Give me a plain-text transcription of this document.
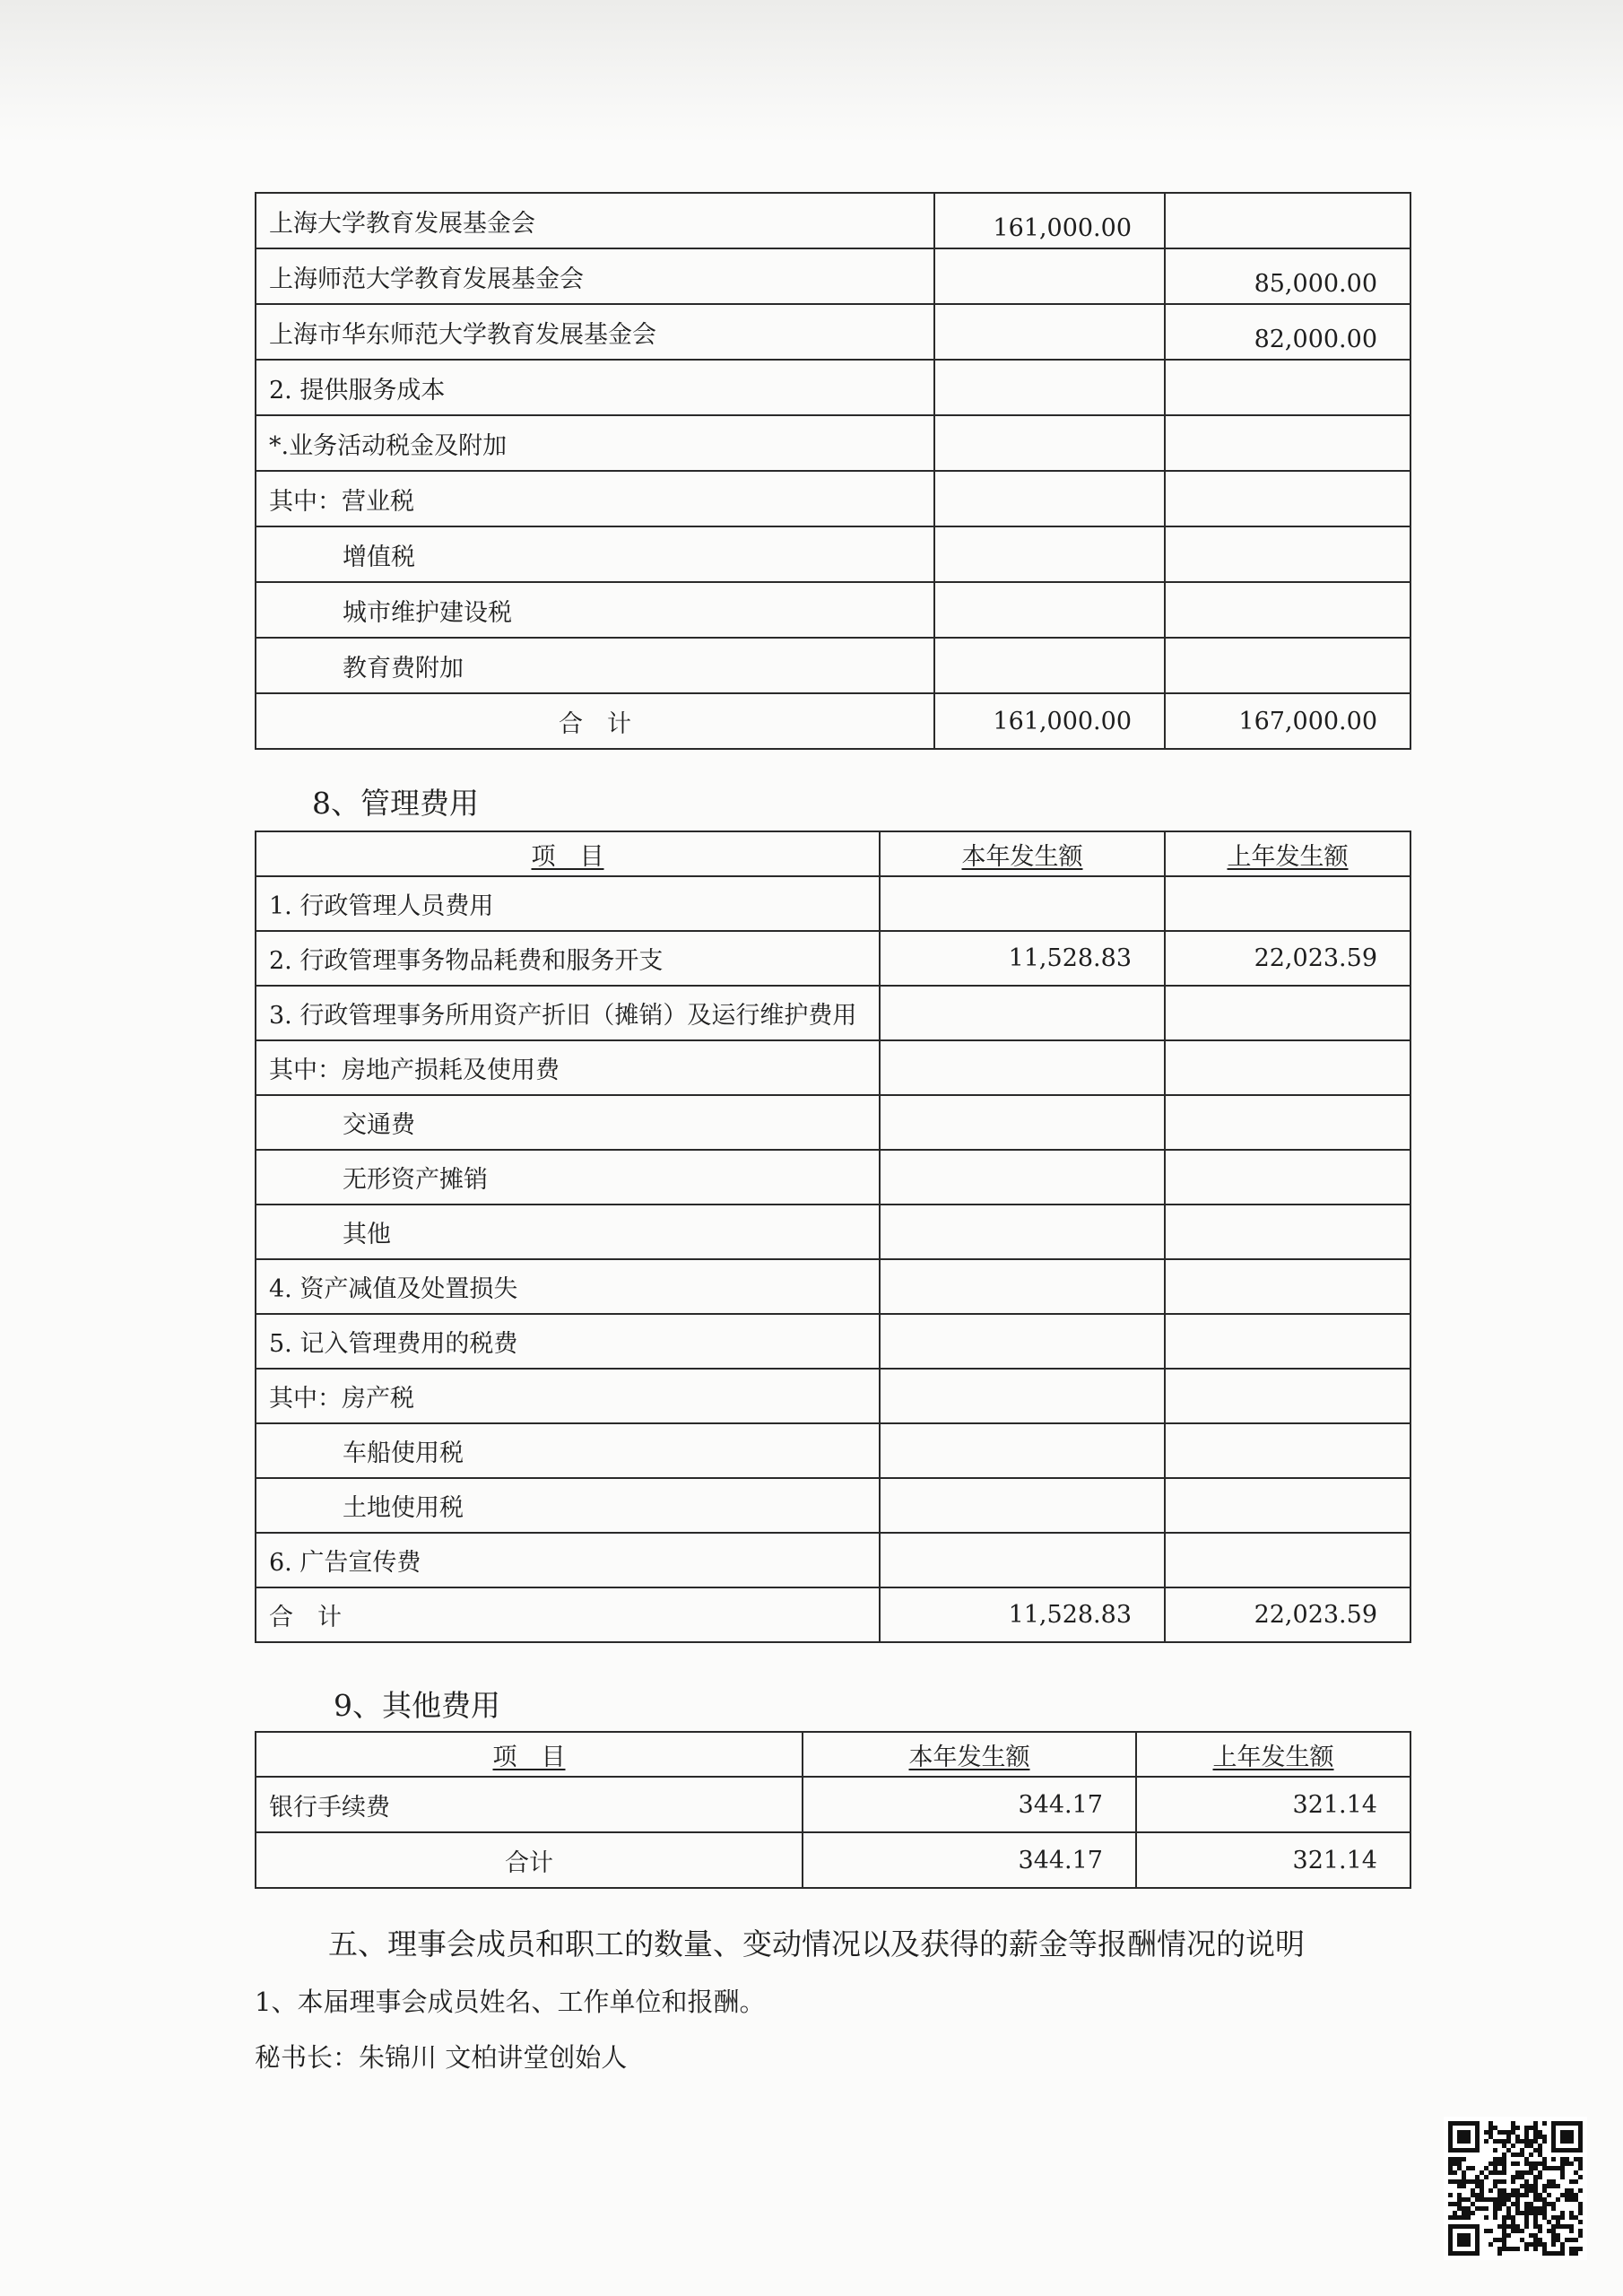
上海大学教育发展基金会	161,000.00	
上海师范大学教育发展基金会		85,000.00
上海市华东师范大学教育发展基金会		82,000.00
2. 提供服务成本		
*.业务活动税金及附加		
其中：营业税		
增值税		
城市维护建设税		
教育费附加		
合　计	161,000.00	167,000.00
8、管理费用
项　目	本年发生额	上年发生额
1. 行政管理人员费用		
2. 行政管理事务物品耗费和服务开支	11,528.83	22,023.59
3. 行政管理事务所用资产折旧（摊销）及运行维护费用		
其中：房地产损耗及使用费		
交通费		
无形资产摊销		
其他		
4. 资产减值及处置损失		
5. 记入管理费用的税费		
其中：房产税		
车船使用税		
土地使用税		
6. 广告宣传费		
合　计	11,528.83	22,023.59
9、其他费用
项　目	本年发生额	上年发生额
银行手续费	344.17	321.14
合计	344.17	321.14
五、理事会成员和职工的数量、变动情况以及获得的薪金等报酬情况的说明
1、本届理事会成员姓名、工作单位和报酬。
秘书长：朱锦川 文柏讲堂创始人
